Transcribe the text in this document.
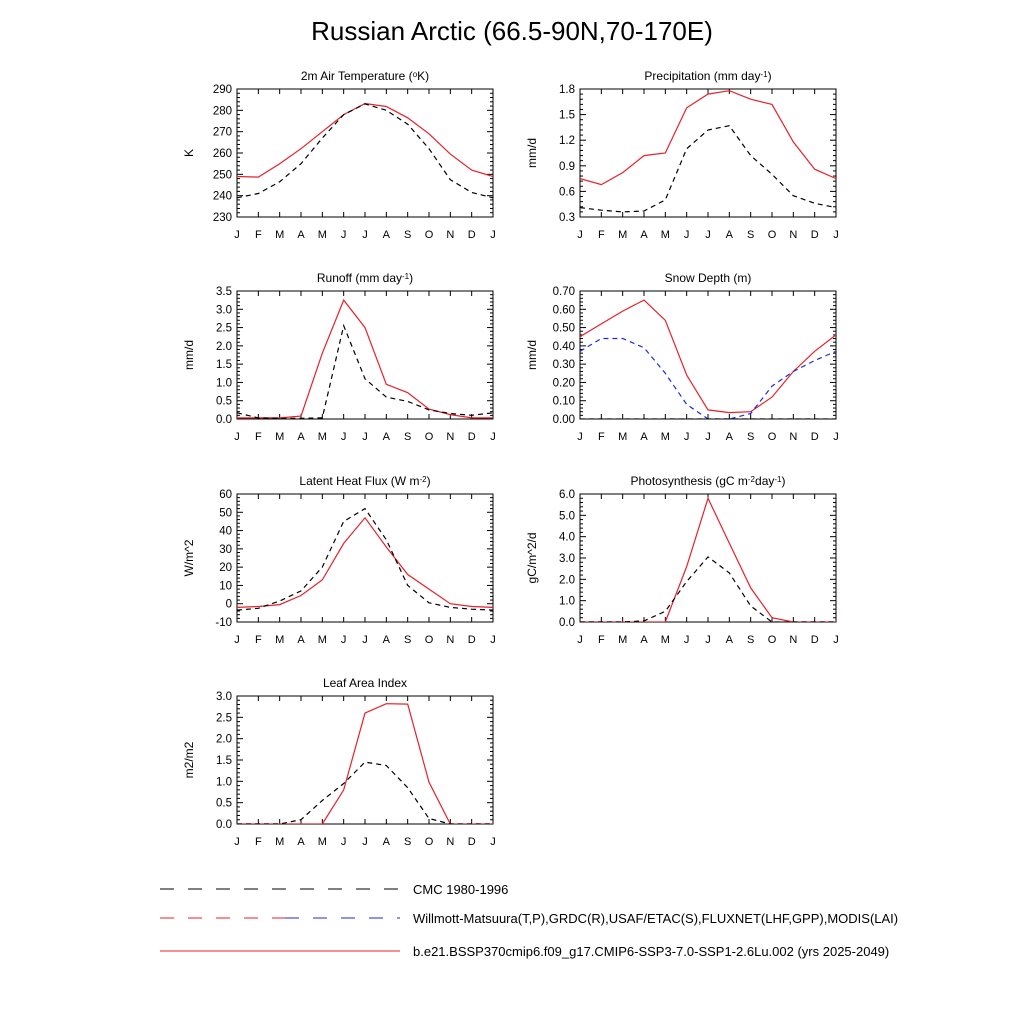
Russian Arctic (66.5-90N,70-170E)
J F M A M J J A S O N D J
230
240
250
260
270
280
290
2m Air Temperature (oK)
K
J F M A M J J A S O N D J
0.3
0.6
0.9
1.2
1.5
1.8
Precipitation (mm day-1)
mm/d
J F M A M J J A S O N D J
0.0
0.5
1.0
1.5
2.0
2.5
3.0
3.5
Runoff (mm day-1)
mm/d
J F M A M J J A S O N D J
0.00
0.10
0.20
0.30
0.40
0.50
0.60
0.70
Snow Depth (m)
mm/d
J F M A M J J A S O N D J
-10
0
10
20
30
40
50
60
Latent Heat Flux (W m-2)
W/m^2
J F M A M J J A S O N D J
0.0
1.0
2.0
3.0
4.0
5.0
6.0
Photosynthesis (gC m-2day-1)
gC/m^2/d
J F M A M J J A S O N D J
0.0
0.5
1.0
1.5
2.0
2.5
3.0
Leaf Area Index
m2/m2
CMC 1980-1996
Willmott-Matsuura(T,P),GRDC(R),USAF/ETAC(S),FLUXNET(LHF,GPP),MODIS(LAI)
b.e21.BSSP370cmip6.f09_g17.CMIP6-SSP3-7.0-SSP1-2.6Lu.002 (yrs 2025-2049)
